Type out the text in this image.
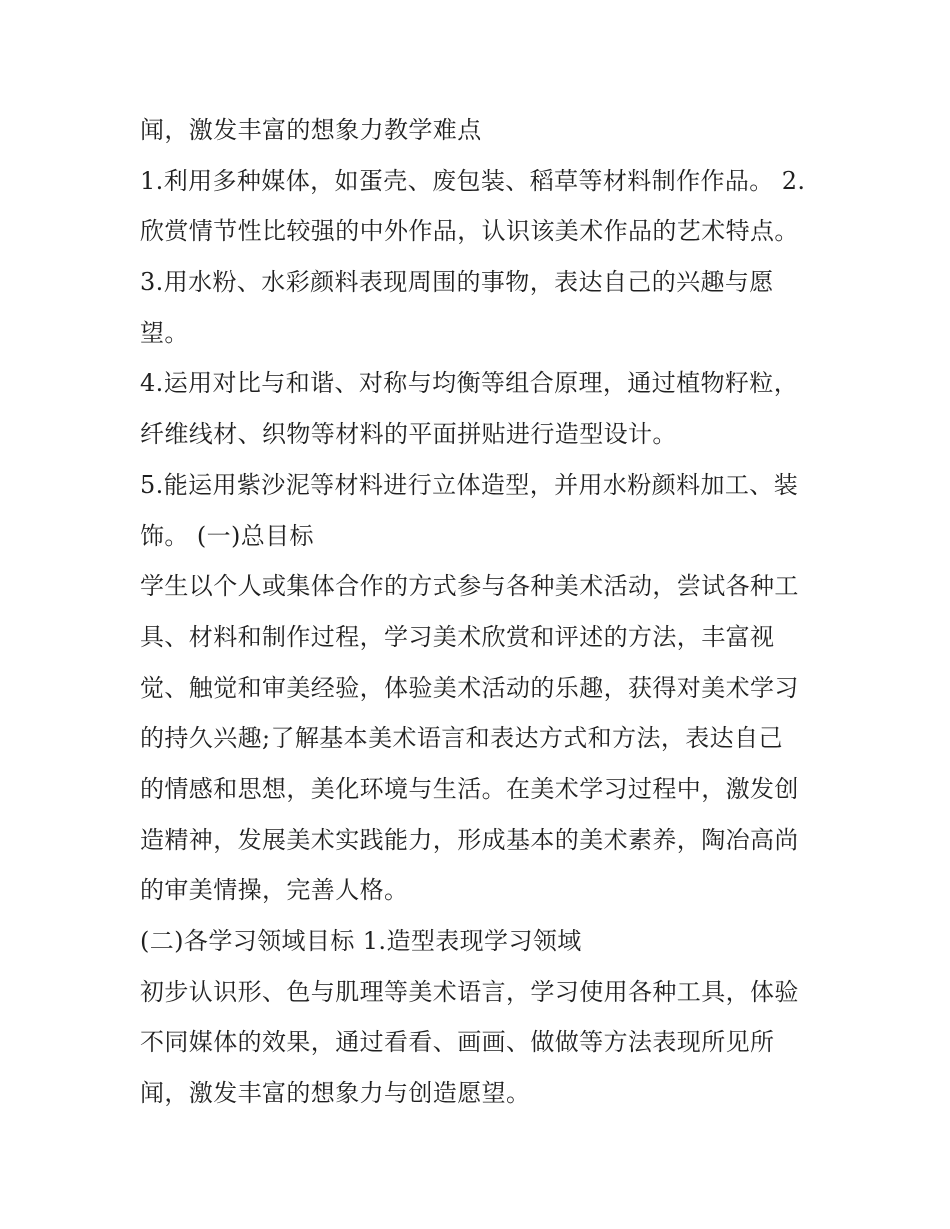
闻，激发丰富的想象力教学难点
1.利用多种媒体，如蛋壳、废包装、稻草等材料制作作品。 2.
欣赏情节性比较强的中外作品，认识该美术作品的艺术特点。
3.用水粉、水彩颜料表现周围的事物，表达自己的兴趣与愿
望。
4.运用对比与和谐、对称与均衡等组合原理，通过植物籽粒，
纤维线材、织物等材料的平面拼贴进行造型设计。
5.能运用紫沙泥等材料进行立体造型，并用水粉颜料加工、装
饰。 (一)总目标
学生以个人或集体合作的方式参与各种美术活动，尝试各种工
具、材料和制作过程，学习美术欣赏和评述的方法，丰富视
觉、触觉和审美经验，体验美术活动的乐趣，获得对美术学习
的持久兴趣;了解基本美术语言和表达方式和方法，表达自己
的情感和思想，美化环境与生活。在美术学习过程中，激发创
造精神，发展美术实践能力，形成基本的美术素养，陶冶高尚
的审美情操，完善人格。
(二)各学习领域目标 1.造型表现学习领域
初步认识形、色与肌理等美术语言，学习使用各种工具，体验
不同媒体的效果，通过看看、画画、做做等方法表现所见所
闻，激发丰富的想象力与创造愿望。
